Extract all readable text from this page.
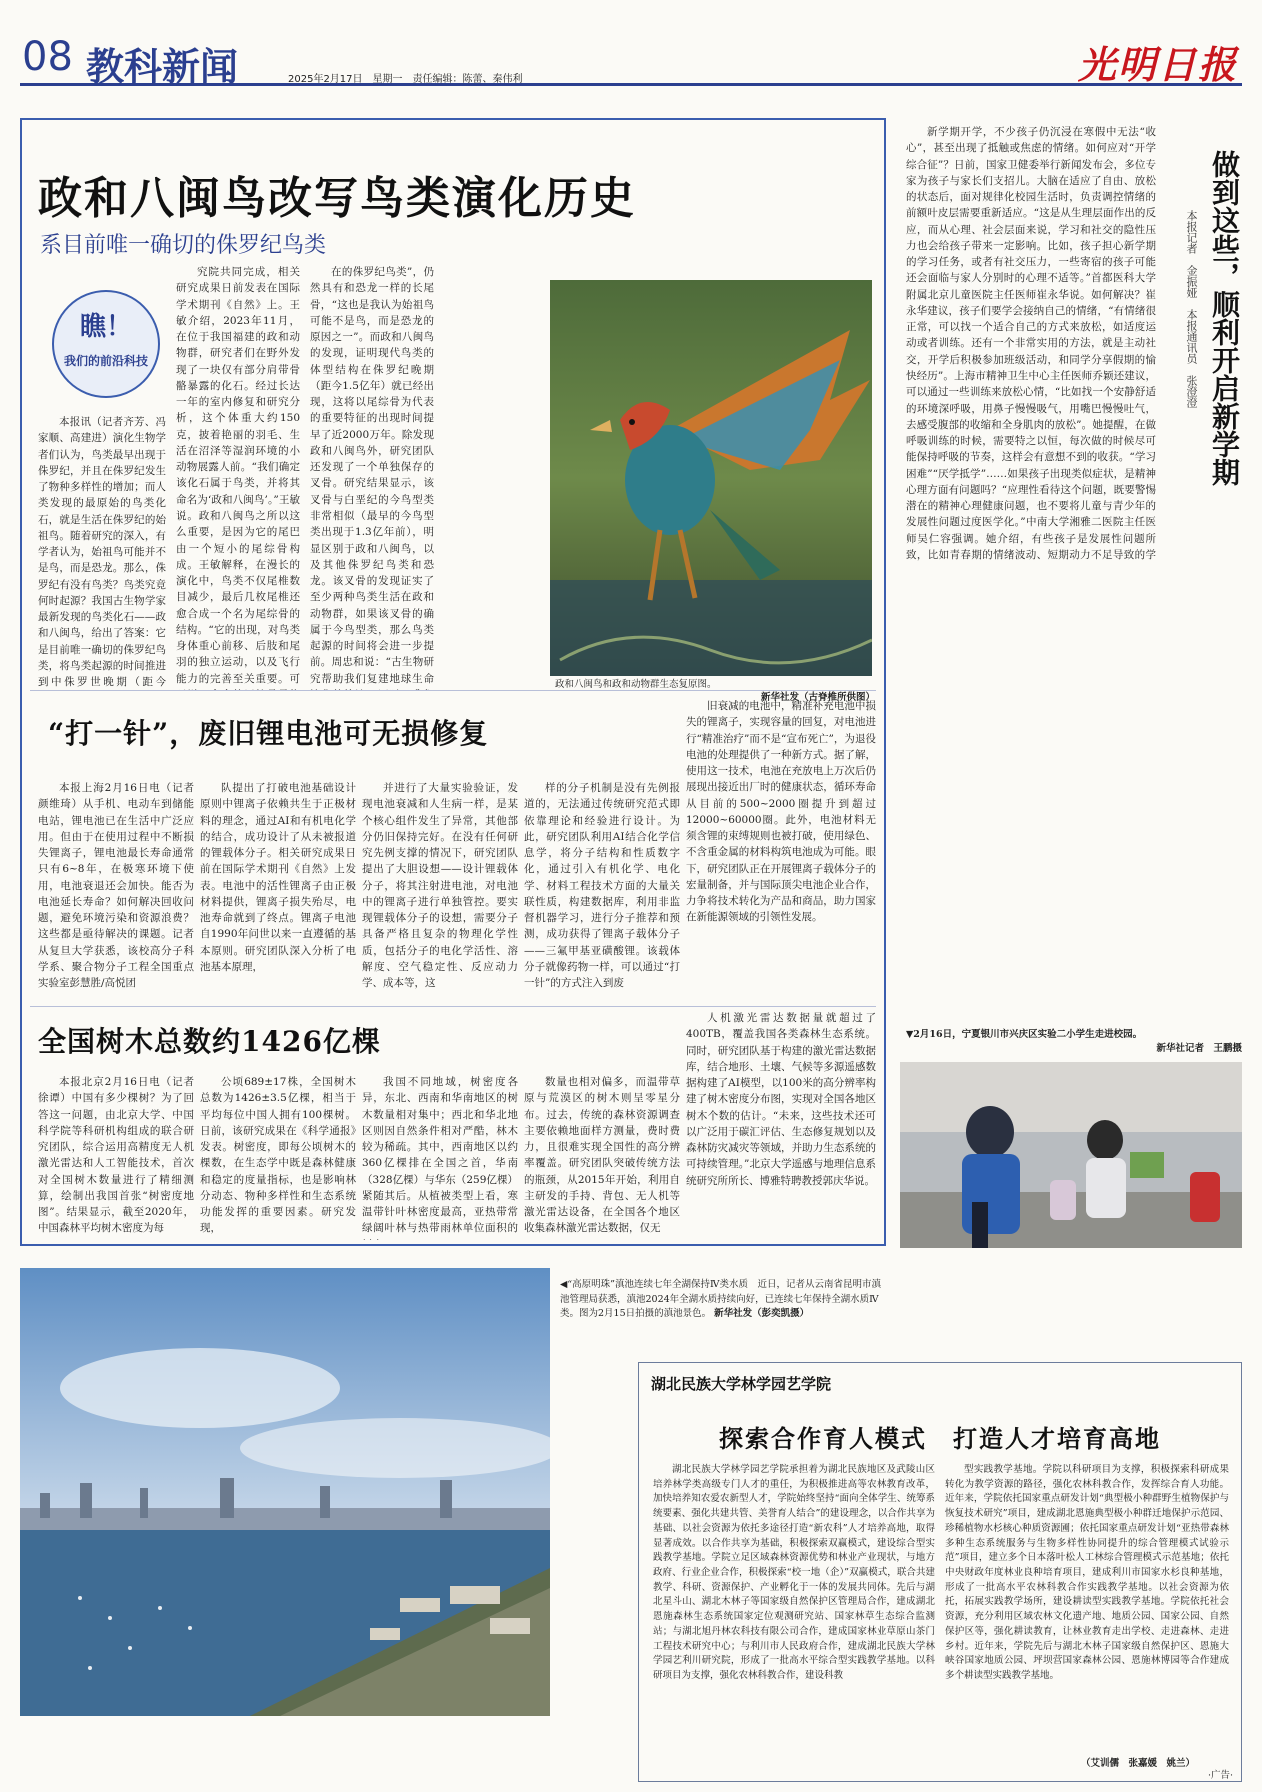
08 教科新闻	2025年2月17日　星期一　责任编辑：陈蕾、秦伟利	光明日报
政和八闽鸟改写鸟类演化历史
系目前唯一确切的侏罗纪鸟类
瞧！
我们的前沿科技

本报讯（记者齐芳、冯家顺、高建进）演化生物学者们认为，鸟类最早出现于侏罗纪，并且在侏罗纪发生了物种多样性的增加；而人类发现的最原始的鸟类化石，就是生活在侏罗纪的始祖鸟。随着研究的深入，有学者认为，始祖鸟可能并不是鸟，而是恐龙。那么，侏罗纪有没有鸟类？鸟类究竟何时起源？我国古生物学家最新发现的鸟类化石——政和八闽鸟，给出了答案：它是目前唯一确切的侏罗纪鸟类，将鸟类起源的时间推进到中侏罗世晚期（距今

究院共同完成，相关研究成果日前发表在国际学术期刊《自然》上。王敏介绍，2023年11月，在位于我国福建的政和动物群，研究者们在野外发现了一块仅有部分肩带骨骼暴露的化石。经过长达一年的室内修复和研究分析，这个体重大约150克，披着艳丽的羽毛、生活在沼泽等湿润环境的小动物展露人前。“我们确定该化石属于鸟类，并将其命名为‘政和八闽鸟’。”王敏说。政和八闽鸟之所以这么重要，是因为它的尾巴由一个短小的尾综骨构成。王敏解释，在漫长的演化中，鸟类不仅尾椎数目减少，最后几枚尾椎还愈合成一个名为尾综骨的结构。“它的出现，对鸟类身体重心前移、后肢和尾羽的独立运动，以及飞行能力的完善至关重要。可

在的侏罗纪鸟类”，仍然具有和恐龙一样的长尾骨，“这也是我认为始祖鸟可能不是鸟，而是恐龙的原因之一”。而政和八闽鸟的发现，证明现代鸟类的体型结构在侏罗纪晚期（距今1.5亿年）就已经出现，这将以尾综骨为代表的重要特征的出现时间提早了近2000万年。除发现政和八闽鸟外，研究团队还发现了一个单独保存的叉骨。研究结果显示，该叉骨与白垩纪的今鸟型类非常相似（最早的今鸟型类出现于1.3亿年前），明显区别于政和八闽鸟，以及其他侏罗纪鸟类和恐龙。该叉骨的发现证实了至少两种鸟类生活在政和动物群，如果该叉骨的确属于今鸟型类，那么鸟类起源的时间将会进一步提前。周忠和说：“古生物研究帮助我们复建地球生命	政和八闽鸟和政和动物群生态复原图。

新华社发（古脊椎所供图）
“打一针”，废旧锂电池可无损修复

本报上海2月16日电（记者颜维琦）从手机、电动车到储能电站，锂电池已在生活中广泛应用。但由于在使用过程中不断损失锂离子，锂电池最长寿命通常只有6~8年，在极寒环境下使用，电池衰退还会加快。能否为电池延长寿命？如何解决回收问题，避免环境污染和资源浪费？这些都是亟待解决的课题。记者从复旦大学获悉，该校高分子科学系、聚合物分子工程全国重点实验室彭慧胜/高悦团

队提出了打破电池基础设计原则中锂离子依赖共生于正极材料的理念，通过AI和有机电化学的结合，成功设计了从未被报道的锂载体分子。相关研究成果日前在国际学术期刊《自然》上发表。电池中的活性锂离子由正极材料提供，锂离子损失殆尽，电池寿命就到了终点。锂离子电池自1990年问世以来一直遵循的基本原则。研究团队深入分析了电池基本原理，

并进行了大量实验验证，发现电池衰减和人生病一样，是某个核心组件发生了异常，其他部分仍旧保持完好。在没有任何研究先例支撑的情况下，研究团队提出了大胆设想——设计锂载体分子，将其注射进电池，对电池中的锂离子进行单独管控。要实现锂载体分子的设想，需要分子具备严格且复杂的物理化学性质，包括分子的电化学活性、溶解度、空气稳定性、反应动力学、成本等，这

样的分子机制是没有先例报道的，无法通过传统研究范式即依靠理论和经验进行设计。为此，研究团队利用AI结合化学信息学，将分子结构和性质数字化，通过引入有机化学、电化学、材料工程技术方面的大量关联性质，构建数据库，利用非监督机器学习，进行分子推荐和预测，成功获得了锂离子载体分子——三氟甲基亚磺酸锂。该载体分子就像药物一样，可以通过“打一针”的方式注入到废

旧衰减的电池中，精准补充电池中损失的锂离子，实现容量的回复，对电池进行“精准治疗”而不是“宣布死亡”，为退役电池的处理提供了一种新方式。据了解，使用这一技术，电池在充放电上万次后仍展现出接近出厂时的健康状态，循环寿命从目前的500~2000圈提升到超过12000~60000圈。此外，电池材料无须含锂的束缚规则也被打破，使用绿色、不含重金属的材料构筑电池成为可能。眼下，研究团队正在开展锂离子载体分子的宏量制备，并与国际顶尖电池企业合作，力争将技术转化为产品和商品，助力国家在新能源领域的引领性发展。

全国树木总数约1426亿棵

本报北京2月16日电（记者徐谭）中国有多少棵树？为了回答这一问题，由北京大学、中国科学院等科研机构组成的联合研究团队，综合运用高精度无人机激光雷达和人工智能技术，首次对全国树木数量进行了精细测算，绘制出我国首张“树密度地图”。结果显示，截至2020年，中国森林平均树木密度为每

公顷689±17株，全国树木总数为1426±3.5亿棵，相当于平均每位中国人拥有100棵树。日前，该研究成果在《科学通报》发表。树密度，即每公顷树木的棵数，在生态学中既是森林健康和稳定的度量指标，也是影响林分动态、物种多样性和生态系统功能发挥的重要因素。研究发现，

我国不同地域，树密度各异，东北、西南和华南地区的树木数量相对集中；西北和华北地区则因自然条件相对严酷，林木较为稀疏。其中，西南地区以约360亿棵排在全国之首，华南（328亿棵）与华东（259亿棵）紧随其后。从植被类型上看，寒温带针叶林密度最高，亚热带常绿阔叶林与热带雨林单位面积的

数量也相对偏多，而温带草原与荒漠区的树木则呈零星分布。过去，传统的森林资源调查主要依赖地面样方测量，费时费力，且很难实现全国性的高分辨率覆盖。研究团队突破传统方法的瓶颈，从2015年开始，利用自主研发的手持、背包、无人机等激光雷达设备，在全国各个地区收集森林激光雷达数据，仅无

人机激光雷达数据量就超过了400TB，覆盖我国各类森林生态系统。同时，研究团队基于构建的激光雷达数据库，结合地形、土壤、气候等多源遥感数据构建了AI模型，以100米的高分辨率构建了树木密度分布图，实现对全国各地区树木个数的估计。“未来，这些技术还可以广泛用于碳汇评估、生态修复规划以及森林防灾减灾等领域，并助力生态系统的可持续管理。”北京大学遥感与地理信息系统研究所所长、博雅特聘教授郭庆华说。

◀“高原明珠”滇池连续七年全湖保持Ⅳ类水质　近日，记者从云南省昆明市滇池管理局获悉，滇池2024年全湖水质持续向好，已连续七年保持全湖水质Ⅳ类。图为2月15日拍摄的滇池景色。 新华社发（彭奕凯摄）
做到这些，顺利开启新学期
本报记者　金振娅　本报通讯员　张澄澄

新学期开学，不少孩子仍沉浸在寒假中无法“收心”，甚至出现了抵触或焦虑的情绪。如何应对“开学综合征”？日前，国家卫健委举行新闻发布会，多位专家为孩子与家长们支招儿。大脑在适应了自由、放松的状态后，面对规律化校园生活时，负责调控情绪的前额叶皮层需要重新适应。“这是从生理层面作出的反应，而从心理、社会层面来说，学习和社交的隐性压力也会给孩子带来一定影响。比如，孩子担心新学期的学习任务，或者有社交压力，一些寄宿的孩子可能还会面临与家人分别时的心理不适等。”首都医科大学附属北京儿童医院主任医师崔永华说。如何解决？崔永华建议，孩子们要学会接纳自己的情绪，“有情绪很正常，可以找一个适合自己的方式来放松，如适度运动或者训练。还有一个非常实用的方法，就是主动社交，开学后积极参加班级活动，和同学分享假期的愉快经历”。上海市精神卫生中心主任医师乔颖还建议，可以通过一些训练来放松心情，“比如找一个安静舒适的环境深呼吸，用鼻子慢慢吸气，用嘴巴慢慢吐气，去感受腹部的收缩和全身肌肉的放松”。她提醒，在做呼吸训练的时候，需要特之以恒，每次做的时候尽可能保持呼吸的节奏，这样会有意想不到的收获。“学习困难”“厌学抵学”……如果孩子出现类似症状，是精神心理方面有问题吗？“应理性看待这个问题，既要警惕潜在的精神心理健康问题，也不要将儿童与青少年的发展性问题过度医学化。”中南大学湘雅二医院主任医师吴仁容强调。她介绍，有些孩子是发展性问题所致，比如青春期的情绪波动、短期动力不足导致的学

▼2月16日，宁夏银川市兴庆区实验二小学生走进校园。

新华社记者　王鹏摄
湖北民族大学林学园艺学院
探索合作育人模式　打造人才培育高地

湖北民族大学林学园艺学院承担着为湖北民族地区及武陵山区培养林学类高级专门人才的重任，为积极推进高等农林教育改革，加快培养知农爱农新型人才，学院始终坚持“面向全体学生、统筹系统要素、强化共建共管、美誉育人结合”的建设理念，以合作共享为基础、以社会资源为依托多途径打造“新农科”人才培养高地，取得显著成效。以合作共享为基础，积极探索双赢模式，建设综合型实践教学基地。学院立足区域森林资源优势和林业产业现状，与地方政府、行业企业合作，积极探索“校一地（企）”双赢模式，联合共建教学、科研、资源保护、产业孵化于一体的发展共同体。先后与湖北星斗山、湖北木林子等国家级自然保护区管理局合作，建成湖北恩施森林生态系统国家定位观测研究站、国家林草生态综合监测站；与湖北旭丹林农科技有限公司合作，建成国家林业草原山茶门工程技术研究中心；与利川市人民政府合作，建成湖北民族大学林学园艺利川研究院，形成了一批高水平综合型实践教学基地。以科研项目为支撑，强化农林科教合作，建设科教

型实践教学基地。学院以科研项目为支撑，积极探索科研成果转化为教学资源的路径，强化农林科教合作，发挥综合育人功能。近年来，学院依托国家重点研发计划“典型极小种群野生植物保护与恢复技术研究”项目，建成湖北恩施典型极小种群迁地保护示范园、珍稀植物水杉核心种质资源圃；依托国家重点研发计划“亚热带森林多种生态系统服务与生物多样性协同提升的综合管理模式试验示范”项目，建立多个日本落叶松人工林综合管理模式示范基地；依托中央财政年度林业良种培育项目，建成利川市国家水杉良种基地，形成了一批高水平农林科教合作实践教学基地。以社会资源为依托，拓展实践教学场所，建设耕读型实践教学基地。学院依托社会资源，充分利用区域农林文化遗产地、地质公园、国家公园、自然保护区等，强化耕读教育，让林业教育走出学校、走进森林、走进乡村。近年来，学院先后与湖北木林子国家级自然保护区、恩施大峡谷国家地质公园、坪坝营国家森林公园、恩施林博园等合作建成多个耕读型实践教学基地。

（艾训儒　张嘉媛　姚兰）
·广告·
